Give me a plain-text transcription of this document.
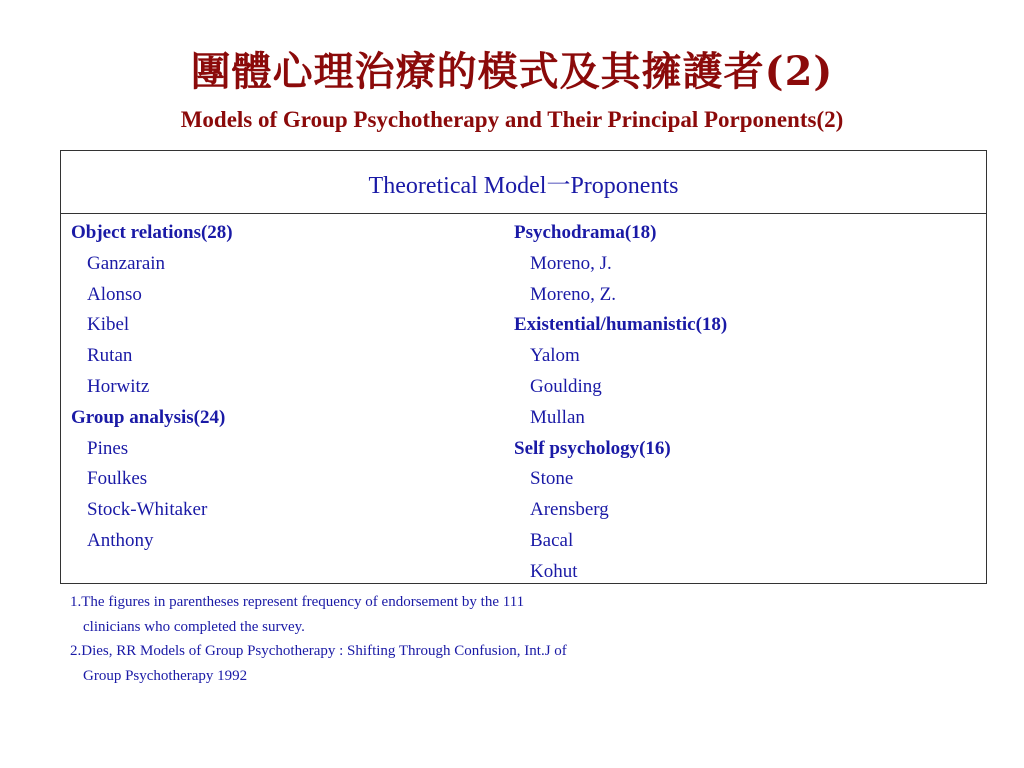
團體心理治療的模式及其擁護者(2)
Models of Group Psychotherapy and Their Principal Porponents(2)
Theoretical Model一Proponents
Object relations(28)
Ganzarain
Alonso
Kibel
Rutan
Horwitz
Group analysis(24)
Pines
Foulkes
Stock-Whitaker
Anthony
Psychodrama(18)
Moreno, J.
Moreno, Z.
Existential/humanistic(18)
Yalom
Goulding
Mullan
Self psychology(16)
Stone
Arensberg
Bacal
Kohut
1.The figures in parentheses represent frequency of endorsement by the 111
clinicians who completed the survey.
2.Dies, RR Models of Group Psychotherapy : Shifting Through Confusion, Int.J of
Group Psychotherapy 1992
